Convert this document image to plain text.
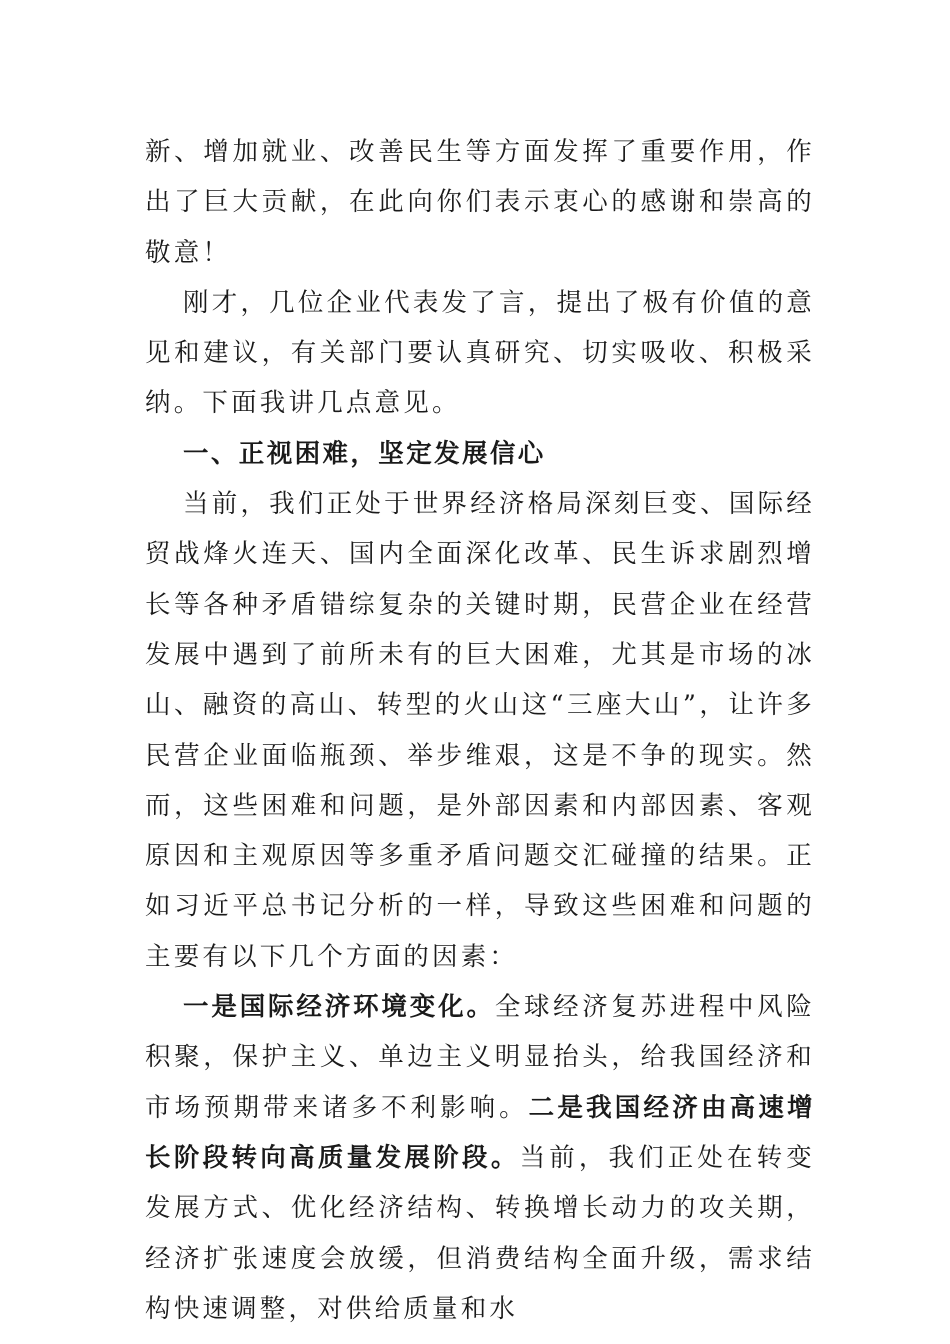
新、增加就业、改善民生等方面发挥了重要作用，作出了巨大贡献，在此向你们表示衷心的感谢和崇高的敬意！

刚才，几位企业代表发了言，提出了极有价值的意见和建议，有关部门要认真研究、切实吸收、积极采纳。下面我讲几点意见。

一、正视困难，坚定发展信心

当前，我们正处于世界经济格局深刻巨变、国际经贸战烽火连天、国内全面深化改革、民生诉求剧烈增长等各种矛盾错综复杂的关键时期，民营企业在经营发展中遇到了前所未有的巨大困难，尤其是市场的冰山、融资的高山、转型的火山这“三座大山”，让许多民营企业面临瓶颈、举步维艰，这是不争的现实。然而，这些困难和问题，是外部因素和内部因素、客观原因和主观原因等多重矛盾问题交汇碰撞的结果。正如习近平总书记分析的一样，导致这些困难和问题的主要有以下几个方面的因素：

一是国际经济环境变化。全球经济复苏进程中风险积聚，保护主义、单边主义明显抬头，给我国经济和市场预期带来诸多不利影响。二是我国经济由高速增长阶段转向高质量发展阶段。当前，我们正处在转变发展方式、优化经济结构、转换增长动力的攻关期，经济扩张速度会放缓，但消费结构全面升级，需求结构快速调整，对供给质量和水
